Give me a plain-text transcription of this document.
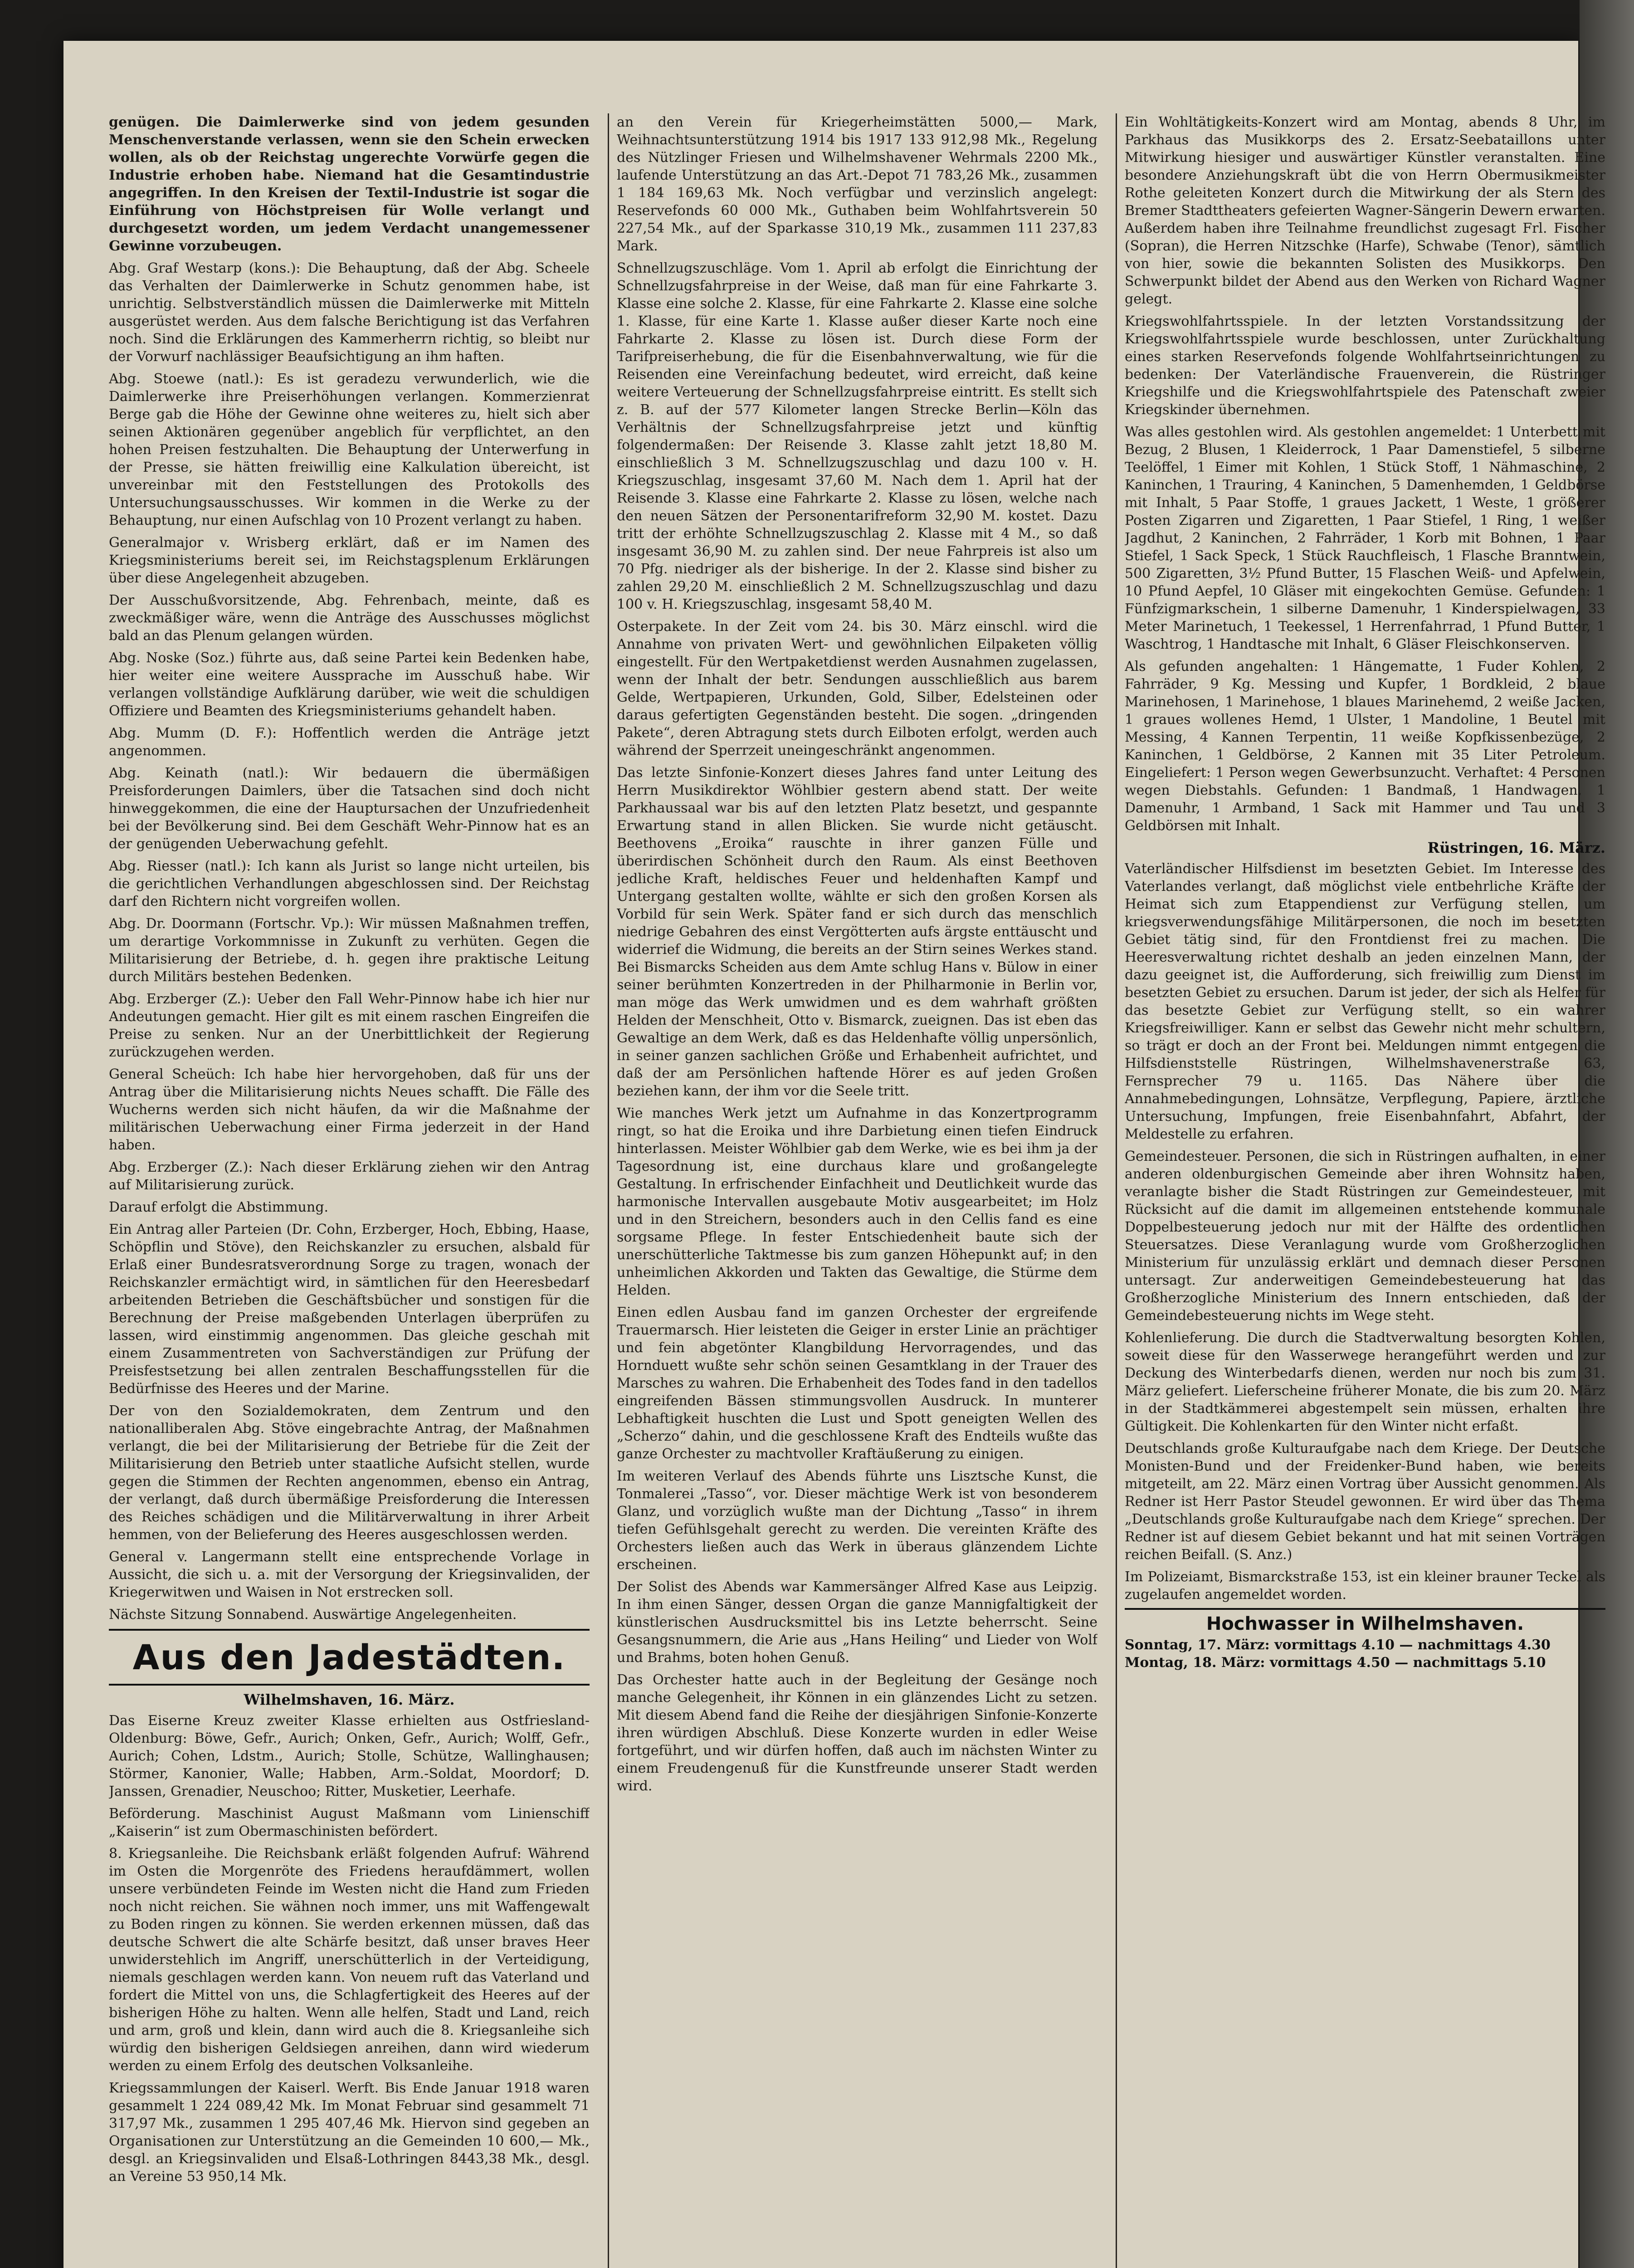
genügen. Die Daimlerwerke sind von jedem gesunden Menschenverstande verlassen, wenn sie den Schein erwecken wollen, als ob der Reichstag ungerechte Vorwürfe gegen die Industrie erhoben habe. Niemand hat die Gesamtindustrie angegriffen. In den Kreisen der Textil-Industrie ist sogar die Einführung von Höchstpreisen für Wolle verlangt und durchgesetzt worden, um jedem Verdacht unangemessener Gewinne vorzubeugen.

Abg. Graf Westarp (kons.): Die Behauptung, daß der Abg. Scheele das Verhalten der Daimlerwerke in Schutz genommen habe, ist unrichtig. Selbstverständlich müssen die Daimlerwerke mit Mitteln ausgerüstet werden. Aus dem falsche Berichtigung ist das Verfahren noch. Sind die Erklärungen des Kammerherrn richtig, so bleibt nur der Vorwurf nachlässiger Beaufsichtigung an ihm haften.

Abg. Stoewe (natl.): Es ist geradezu verwunderlich, wie die Daimlerwerke ihre Preiserhöhungen verlangen. Kommerzienrat Berge gab die Höhe der Gewinne ohne weiteres zu, hielt sich aber seinen Aktionären gegenüber angeblich für verpflichtet, an den hohen Preisen festzuhalten. Die Behauptung der Unterwerfung in der Presse, sie hätten freiwillig eine Kalkulation übereicht, ist unvereinbar mit den Feststellungen des Protokolls des Untersuchungsausschusses. Wir kommen in die Werke zu der Behauptung, nur einen Aufschlag von 10 Prozent verlangt zu haben.

Generalmajor v. Wrisberg erklärt, daß er im Namen des Kriegsministeriums bereit sei, im Reichstagsplenum Erklärungen über diese Angelegenheit abzugeben.

Der Ausschußvorsitzende, Abg. Fehrenbach, meinte, daß es zweckmäßiger wäre, wenn die Anträge des Ausschusses möglichst bald an das Plenum gelangen würden.

Abg. Noske (Soz.) führte aus, daß seine Partei kein Bedenken habe, hier weiter eine weitere Aussprache im Ausschuß habe. Wir verlangen vollständige Aufklärung darüber, wie weit die schuldigen Offiziere und Beamten des Kriegsministeriums gehandelt haben.

Abg. Mumm (D. F.): Hoffentlich werden die Anträge jetzt angenommen.

Abg. Keinath (natl.): Wir bedauern die übermäßigen Preisforderungen Daimlers, über die Tatsachen sind doch nicht hinweggekommen, die eine der Hauptursachen der Unzufriedenheit bei der Bevölkerung sind. Bei dem Geschäft Wehr-Pinnow hat es an der genügenden Ueberwachung gefehlt.

Abg. Riesser (natl.): Ich kann als Jurist so lange nicht urteilen, bis die gerichtlichen Verhandlungen abgeschlossen sind. Der Reichstag darf den Richtern nicht vorgreifen wollen.

Abg. Dr. Doormann (Fortschr. Vp.): Wir müssen Maßnahmen treffen, um derartige Vorkommnisse in Zukunft zu verhüten. Gegen die Militarisierung der Betriebe, d. h. gegen ihre praktische Leitung durch Militärs bestehen Bedenken.

Abg. Erzberger (Z.): Ueber den Fall Wehr-Pinnow habe ich hier nur Andeutungen gemacht. Hier gilt es mit einem raschen Eingreifen die Preise zu senken. Nur an der Unerbittlichkeit der Regierung zurückzugehen werden.

General Scheüch: Ich habe hier hervorgehoben, daß für uns der Antrag über die Militarisierung nichts Neues schafft. Die Fälle des Wucherns werden sich nicht häufen, da wir die Maßnahme der militärischen Ueberwachung einer Firma jederzeit in der Hand haben.

Abg. Erzberger (Z.): Nach dieser Erklärung ziehen wir den Antrag auf Militarisierung zurück.

Darauf erfolgt die Abstimmung.

Ein Antrag aller Parteien (Dr. Cohn, Erzberger, Hoch, Ebbing, Haase, Schöpflin und Stöve), den Reichskanzler zu ersuchen, alsbald für Erlaß einer Bundesratsverordnung Sorge zu tragen, wonach der Reichskanzler ermächtigt wird, in sämtlichen für den Heeresbedarf arbeitenden Betrieben die Geschäftsbücher und sonstigen für die Berechnung der Preise maßgebenden Unterlagen überprüfen zu lassen, wird einstimmig angenommen. Das gleiche geschah mit einem Zusammentreten von Sachverständigen zur Prüfung der Preisfestsetzung bei allen zentralen Beschaffungsstellen für die Bedürfnisse des Heeres und der Marine.

Der von den Sozialdemokraten, dem Zentrum und den nationalliberalen Abg. Stöve eingebrachte Antrag, der Maßnahmen verlangt, die bei der Militarisierung der Betriebe für die Zeit der Militarisierung den Betrieb unter staatliche Aufsicht stellen, wurde gegen die Stimmen der Rechten angenommen, ebenso ein Antrag, der verlangt, daß durch übermäßige Preisforderung die Interessen des Reiches schädigen und die Militärverwaltung in ihrer Arbeit hemmen, von der Belieferung des Heeres ausgeschlossen werden.

General v. Langermann stellt eine entsprechende Vorlage in Aussicht, die sich u. a. mit der Versorgung der Kriegsinvaliden, der Kriegerwitwen und Waisen in Not erstrecken soll.

Nächste Sitzung Sonnabend. Auswärtige Angelegenheiten.

Aus den Jadestädten.
Wilhelmshaven, 16. März.

Das Eiserne Kreuz zweiter Klasse erhielten aus Ostfriesland-Oldenburg: Böwe, Gefr., Aurich; Onken, Gefr., Aurich; Wolff, Gefr., Aurich; Cohen, Ldstm., Aurich; Stolle, Schütze, Wallinghausen; Störmer, Kanonier, Walle; Habben, Arm.-Soldat, Moordorf; D. Janssen, Grenadier, Neuschoo; Ritter, Musketier, Leerhafe.

Beförderung. Maschinist August Maßmann vom Linienschiff „Kaiserin“ ist zum Obermaschinisten befördert.

8. Kriegsanleihe. Die Reichsbank erläßt folgenden Aufruf: Während im Osten die Morgenröte des Friedens heraufdämmert, wollen unsere verbündeten Feinde im Westen nicht die Hand zum Frieden noch nicht reichen. Sie wähnen noch immer, uns mit Waffengewalt zu Boden ringen zu können. Sie werden erkennen müssen, daß das deutsche Schwert die alte Schärfe besitzt, daß unser braves Heer unwiderstehlich im Angriff, unerschütterlich in der Verteidigung, niemals geschlagen werden kann. Von neuem ruft das Vaterland und fordert die Mittel von uns, die Schlagfertigkeit des Heeres auf der bisherigen Höhe zu halten. Wenn alle helfen, Stadt und Land, reich und arm, groß und klein, dann wird auch die 8. Kriegsanleihe sich würdig den bisherigen Geldsiegen anreihen, dann wird wiederum werden zu einem Erfolg des deutschen Volksanleihe.

Kriegssammlungen der Kaiserl. Werft. Bis Ende Januar 1918 waren gesammelt 1 224 089,42 Mk. Im Monat Februar sind gesammelt 71 317,97 Mk., zusammen 1 295 407,46 Mk. Hiervon sind gegeben an Organisationen zur Unterstützung an die Gemeinden 10 600,— Mk., desgl. an Kriegsinvaliden und Elsaß-Lothringen 8443,38 Mk., desgl. an Vereine 53 950,14 Mk.

an den Verein für Kriegerheimstätten 5000,— Mark, Weihnachtsunterstützung 1914 bis 1917 133 912,98 Mk., Regelung des Nützlinger Friesen und Wilhelmshavener Wehrmals 2200 Mk., laufende Unterstützung an das Art.-Depot 71 783,26 Mk., zusammen 1 184 169,63 Mk. Noch verfügbar und verzinslich angelegt: Reservefonds 60 000 Mk., Guthaben beim Wohlfahrtsverein 50 227,54 Mk., auf der Sparkasse 310,19 Mk., zusammen 111 237,83 Mark.

Schnellzugszuschläge. Vom 1. April ab erfolgt die Einrichtung der Schnellzugsfahrpreise in der Weise, daß man für eine Fahrkarte 3. Klasse eine solche 2. Klasse, für eine Fahrkarte 2. Klasse eine solche 1. Klasse, für eine Karte 1. Klasse außer dieser Karte noch eine Fahrkarte 2. Klasse zu lösen ist. Durch diese Form der Tarifpreiserhebung, die für die Eisenbahnverwaltung, wie für die Reisenden eine Vereinfachung bedeutet, wird erreicht, daß keine weitere Verteuerung der Schnellzugsfahrpreise eintritt. Es stellt sich z. B. auf der 577 Kilometer langen Strecke Berlin—Köln das Verhältnis der Schnellzugsfahrpreise jetzt und künftig folgendermaßen: Der Reisende 3. Klasse zahlt jetzt 18,80 M. einschließlich 3 M. Schnellzugszuschlag und dazu 100 v. H. Kriegszuschlag, insgesamt 37,60 M. Nach dem 1. April hat der Reisende 3. Klasse eine Fahrkarte 2. Klasse zu lösen, welche nach den neuen Sätzen der Personentarifreform 32,90 M. kostet. Dazu tritt der erhöhte Schnellzugszuschlag 2. Klasse mit 4 M., so daß insgesamt 36,90 M. zu zahlen sind. Der neue Fahrpreis ist also um 70 Pfg. niedriger als der bisherige. In der 2. Klasse sind bisher zu zahlen 29,20 M. einschließlich 2 M. Schnellzugszuschlag und dazu 100 v. H. Kriegszuschlag, insgesamt 58,40 M.

Osterpakete. In der Zeit vom 24. bis 30. März einschl. wird die Annahme von privaten Wert- und gewöhnlichen Eilpaketen völlig eingestellt. Für den Wertpaketdienst werden Ausnahmen zugelassen, wenn der Inhalt der betr. Sendungen ausschließlich aus barem Gelde, Wertpapieren, Urkunden, Gold, Silber, Edelsteinen oder daraus gefertigten Gegenständen besteht. Die sogen. „dringenden Pakete“, deren Abtragung stets durch Eilboten erfolgt, werden auch während der Sperrzeit uneingeschränkt angenommen.

Das letzte Sinfonie-Konzert dieses Jahres fand unter Leitung des Herrn Musikdirektor Wöhlbier gestern abend statt. Der weite Parkhaussaal war bis auf den letzten Platz besetzt, und gespannte Erwartung stand in allen Blicken. Sie wurde nicht getäuscht. Beethovens „Eroika“ rauschte in ihrer ganzen Fülle und überirdischen Schönheit durch den Raum. Als einst Beethoven jedliche Kraft, heldisches Feuer und heldenhaften Kampf und Untergang gestalten wollte, wählte er sich den großen Korsen als Vorbild für sein Werk. Später fand er sich durch das menschlich niedrige Gebahren des einst Vergötterten aufs ärgste enttäuscht und widerrief die Widmung, die bereits an der Stirn seines Werkes stand. Bei Bismarcks Scheiden aus dem Amte schlug Hans v. Bülow in einer seiner berühmten Konzertreden in der Philharmonie in Berlin vor, man möge das Werk umwidmen und es dem wahrhaft größten Helden der Menschheit, Otto v. Bismarck, zueignen. Das ist eben das Gewaltige an dem Werk, daß es das Heldenhafte völlig unpersönlich, in seiner ganzen sachlichen Größe und Erhabenheit aufrichtet, und daß der am Persönlichen haftende Hörer es auf jeden Großen beziehen kann, der ihm vor die Seele tritt.

Wie manches Werk jetzt um Aufnahme in das Konzertprogramm ringt, so hat die Eroika und ihre Darbietung einen tiefen Eindruck hinterlassen. Meister Wöhlbier gab dem Werke, wie es bei ihm ja der Tagesordnung ist, eine durchaus klare und großangelegte Gestaltung. In erfrischender Einfachheit und Deutlichkeit wurde das harmonische Intervallen ausgebaute Motiv ausgearbeitet; im Holz und in den Streichern, besonders auch in den Cellis fand es eine sorgsame Pflege. In fester Entschiedenheit baute sich der unerschütterliche Taktmesse bis zum ganzen Höhepunkt auf; in den unheimlichen Akkorden und Takten das Gewaltige, die Stürme dem Helden.

Einen edlen Ausbau fand im ganzen Orchester der ergreifende Trauermarsch. Hier leisteten die Geiger in erster Linie an prächtiger und fein abgetönter Klangbildung Hervorragendes, und das Hornduett wußte sehr schön seinen Gesamtklang in der Trauer des Marsches zu wahren. Die Erhabenheit des Todes fand in den tadellos eingreifenden Bässen stimmungsvollen Ausdruck. In munterer Lebhaftigkeit huschten die Lust und Spott geneigten Wellen des „Scherzo“ dahin, und die geschlossene Kraft des Endteils wußte das ganze Orchester zu machtvoller Kraftäußerung zu einigen.

Im weiteren Verlauf des Abends führte uns Lisztsche Kunst, die Tonmalerei „Tasso“, vor. Dieser mächtige Werk ist von besonderem Glanz, und vorzüglich wußte man der Dichtung „Tasso“ in ihrem tiefen Gefühlsgehalt gerecht zu werden. Die vereinten Kräfte des Orchesters ließen auch das Werk in überaus glänzendem Lichte erscheinen.

Der Solist des Abends war Kammersänger Alfred Kase aus Leipzig. In ihm einen Sänger, dessen Organ die ganze Mannigfaltigkeit der künstlerischen Ausdrucksmittel bis ins Letzte beherrscht. Seine Gesangsnummern, die Arie aus „Hans Heiling“ und Lieder von Wolf und Brahms, boten hohen Genuß.

Das Orchester hatte auch in der Begleitung der Gesänge noch manche Gelegenheit, ihr Können in ein glänzendes Licht zu setzen. Mit diesem Abend fand die Reihe der diesjährigen Sinfonie-Konzerte ihren würdigen Abschluß. Diese Konzerte wurden in edler Weise fortgeführt, und wir dürfen hoffen, daß auch im nächsten Winter zu einem Freudengenuß für die Kunstfreunde unserer Stadt werden wird.

Ein Wohltätigkeits-Konzert wird am Montag, abends 8 Uhr, im Parkhaus das Musikkorps des 2. Ersatz-Seebataillons unter Mitwirkung hiesiger und auswärtiger Künstler veranstalten. Eine besondere Anziehungskraft übt die von Herrn Obermusikmeister Rothe geleiteten Konzert durch die Mitwirkung der als Stern des Bremer Stadttheaters gefeierten Wagner-Sängerin Dewern erwarten. Außerdem haben ihre Teilnahme freundlichst zugesagt Frl. Fischer (Sopran), die Herren Nitzschke (Harfe), Schwabe (Tenor), sämtlich von hier, sowie die bekannten Solisten des Musikkorps. Den Schwerpunkt bildet der Abend aus den Werken von Richard Wagner gelegt.

Kriegswohlfahrtsspiele. In der letzten Vorstandssitzung der Kriegswohlfahrtsspiele wurde beschlossen, unter Zurückhaltung eines starken Reservefonds folgende Wohlfahrtseinrichtungen zu bedenken: Der Vaterländische Frauenverein, die Rüstringer Kriegshilfe und die Kriegswohlfahrtspiele des Patenschaft zweier Kriegskinder übernehmen.

Was alles gestohlen wird. Als gestohlen angemeldet: 1 Unterbett mit Bezug, 2 Blusen, 1 Kleiderrock, 1 Paar Damenstiefel, 5 silberne Teelöffel, 1 Eimer mit Kohlen, 1 Stück Stoff, 1 Nähmaschine, 2 Kaninchen, 1 Trauring, 4 Kaninchen, 5 Damenhemden, 1 Geldbörse mit Inhalt, 5 Paar Stoffe, 1 graues Jackett, 1 Weste, 1 größerer Posten Zigarren und Zigaretten, 1 Paar Stiefel, 1 Ring, 1 weißer Jagdhut, 2 Kaninchen, 2 Fahrräder, 1 Korb mit Bohnen, 1 Paar Stiefel, 1 Sack Speck, 1 Stück Rauchfleisch, 1 Flasche Branntwein, 500 Zigaretten, 3½ Pfund Butter, 15 Flaschen Weiß- und Apfelwein, 10 Pfund Aepfel, 10 Gläser mit eingekochten Gemüse. Gefunden: 1 Fünfzigmarkschein, 1 silberne Damenuhr, 1 Kinderspielwagen, 33 Meter Marinetuch, 1 Teekessel, 1 Herrenfahrrad, 1 Pfund Butter, 1 Waschtrog, 1 Handtasche mit Inhalt, 6 Gläser Fleischkonserven.

Als gefunden angehalten: 1 Hängematte, 1 Fuder Kohlen, 2 Fahrräder, 9 Kg. Messing und Kupfer, 1 Bordkleid, 2 blaue Marinehosen, 1 Marinehose, 1 blaues Marinehemd, 2 weiße Jacken, 1 graues wollenes Hemd, 1 Ulster, 1 Mandoline, 1 Beutel mit Messing, 4 Kannen Terpentin, 11 weiße Kopfkissenbezüge, 2 Kaninchen, 1 Geldbörse, 2 Kannen mit 35 Liter Petroleum. Eingeliefert: 1 Person wegen Gewerbsunzucht. Verhaftet: 4 Personen wegen Diebstahls. Gefunden: 1 Bandmaß, 1 Handwagen, 1 Damenuhr, 1 Armband, 1 Sack mit Hammer und Tau und 3 Geldbörsen mit Inhalt.

Rüstringen, 16. März.

Vaterländischer Hilfsdienst im besetzten Gebiet. Im Interesse des Vaterlandes verlangt, daß möglichst viele entbehrliche Kräfte der Heimat sich zum Etappendienst zur Verfügung stellen, um kriegsverwendungsfähige Militärpersonen, die noch im besetzten Gebiet tätig sind, für den Frontdienst frei zu machen. Die Heeresverwaltung richtet deshalb an jeden einzelnen Mann, der dazu geeignet ist, die Aufforderung, sich freiwillig zum Dienst im besetzten Gebiet zu ersuchen. Darum ist jeder, der sich als Helfer für das besetzte Gebiet zur Verfügung stellt, so ein wahrer Kriegsfreiwilliger. Kann er selbst das Gewehr nicht mehr schultern, so trägt er doch an der Front bei. Meldungen nimmt entgegen die Hilfsdienststelle Rüstringen, Wilhelmshavenerstraße 63, Fernsprecher 79 u. 1165. Das Nähere über die Annahmebedingungen, Lohnsätze, Verpflegung, Papiere, ärztliche Untersuchung, Impfungen, freie Eisenbahnfahrt, Abfahrt, der Meldestelle zu erfahren.

Gemeindesteuer. Personen, die sich in Rüstringen aufhalten, in einer anderen oldenburgischen Gemeinde aber ihren Wohnsitz haben, veranlagte bisher die Stadt Rüstringen zur Gemeindesteuer, mit Rücksicht auf die damit im allgemeinen entstehende kommunale Doppelbesteuerung jedoch nur mit der Hälfte des ordentlichen Steuersatzes. Diese Veranlagung wurde vom Großherzoglichen Ministerium für unzulässig erklärt und demnach dieser Personen untersagt. Zur anderweitigen Gemeindebesteuerung hat das Großherzogliche Ministerium des Innern entschieden, daß der Gemeindebesteuerung nichts im Wege steht.

Kohlenlieferung. Die durch die Stadtverwaltung besorgten Kohlen, soweit diese für den Wasserwege herangeführt werden und zur Deckung des Winterbedarfs dienen, werden nur noch bis zum 31. März geliefert. Lieferscheine früherer Monate, die bis zum 20. März in der Stadtkämmerei abgestempelt sein müssen, erhalten ihre Gültigkeit. Die Kohlenkarten für den Winter nicht erfaßt.

Deutschlands große Kulturaufgabe nach dem Kriege. Der Deutsche Monisten-Bund und der Freidenker-Bund haben, wie bereits mitgeteilt, am 22. März einen Vortrag über Aussicht genommen. Als Redner ist Herr Pastor Steudel gewonnen. Er wird über das Thema „Deutschlands große Kulturaufgabe nach dem Kriege“ sprechen. Der Redner ist auf diesem Gebiet bekannt und hat mit seinen Vorträgen reichen Beifall. (S. Anz.)

Im Polizeiamt, Bismarckstraße 153, ist ein kleiner brauner Teckel als zugelaufen angemeldet worden.

Hochwasser in Wilhelmshaven.
Sonntag, 17. März: vormittags 4.10 — nachmittags 4.30
Montag, 18. März: vormittags 4.50 — nachmittags 5.10
